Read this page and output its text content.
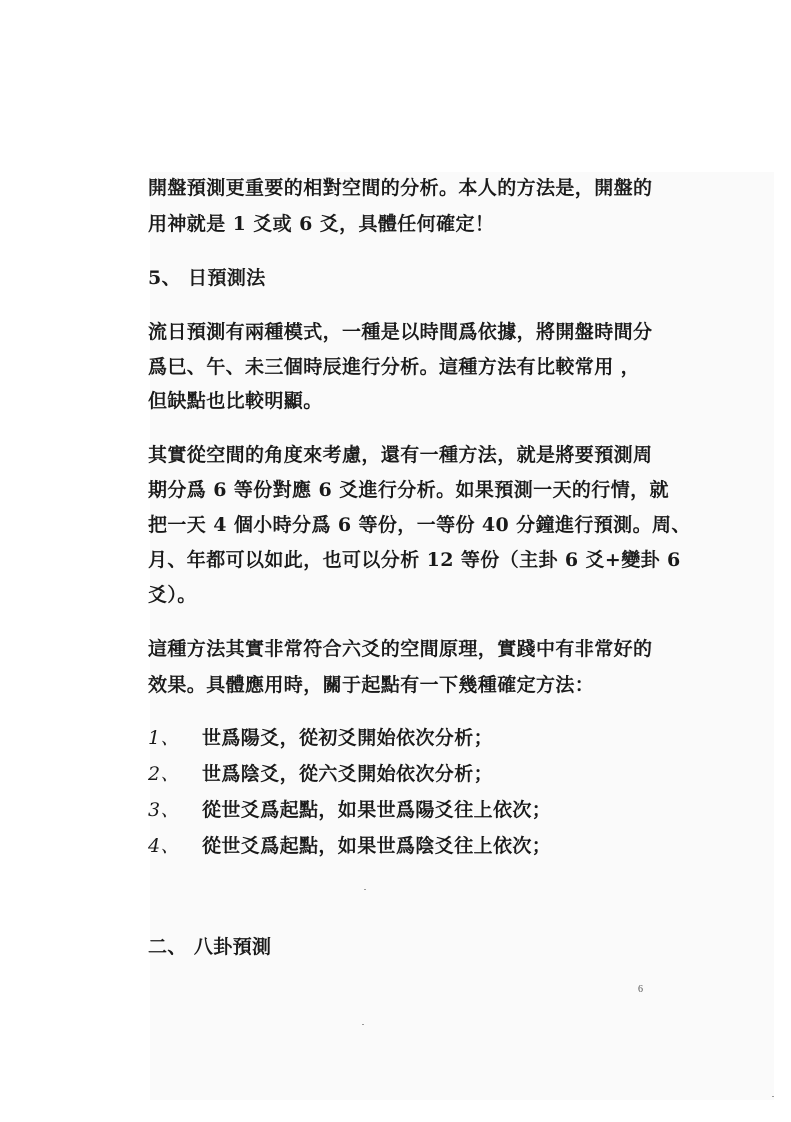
開盤預測更重要的相對空間的分析。本人的方法是，開盤的
用神就是 1 爻或 6 爻，具體任何確定！
5、 日預測法
流日預測有兩種模式，一種是以時間爲依據，將開盤時間分
爲巳、午、未三個時辰進行分析。這種方法有比較常用 ，
但缺點也比較明顯。
其實從空間的角度來考慮，還有一種方法，就是將要預測周
期分爲 6 等份對應 6 爻進行分析。如果預測一天的行情，就
把一天 4 個小時分爲 6 等份，一等份 40 分鐘進行預測。周、
月、年都可以如此，也可以分析 12 等份（主卦 6 爻+變卦 6
爻）。
這種方法其實非常符合六爻的空間原理，實踐中有非常好的
效果。具體應用時，關于起點有一下幾種確定方法：
1、 世爲陽爻，從初爻開始依次分析；
2、 世爲陰爻，從六爻開始依次分析；
3、 從世爻爲起點，如果世爲陽爻往上依次；
4、 從世爻爲起點，如果世爲陰爻往上依次；
二、 八卦預測
6
